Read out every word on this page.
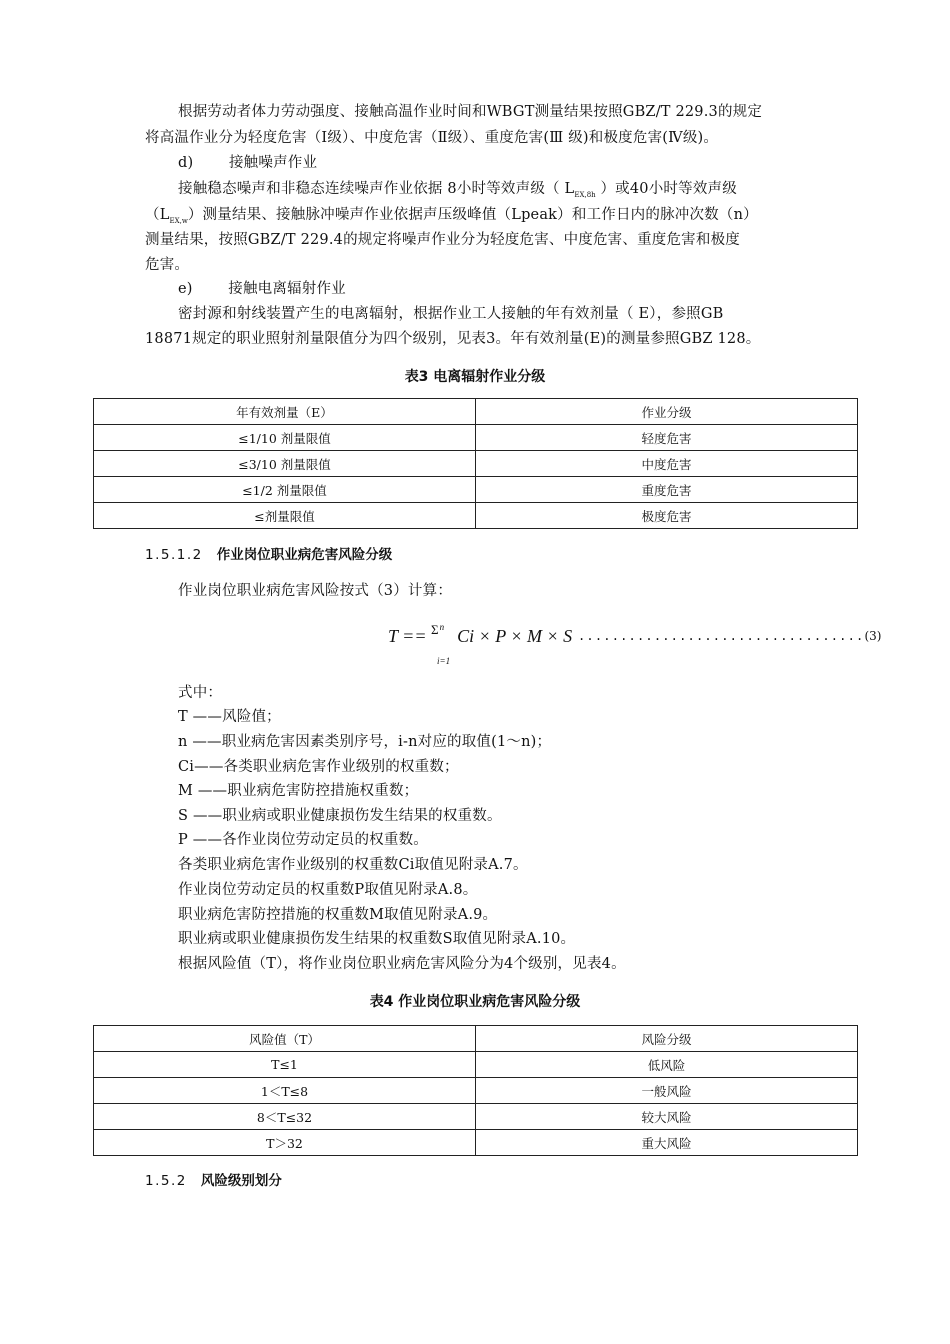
根据劳动者体力劳动强度、接触高温作业时间和WBGT测量结果按照GBZ/T 229.3的规定
将高温作业分为轻度危害（Ⅰ级）、中度危害（Ⅱ级）、重度危害(Ⅲ 级)和极度危害(Ⅳ级)。
d) 接触噪声作业
接触稳态噪声和非稳态连续噪声作业依据 8小时等效声级（ $L_{EX,8h}$ ）或40小时等效声级
$(L_{EX,w})$测量结果、接触脉冲噪声作业依据声压级峰值（Lpeak）和工作日内的脉冲次数（n）
测量结果，按照GBZ/T 229.4的规定将噪声作业分为轻度危害、中度危害、重度危害和极度
危害。
e) 接触电离辐射作业
密封源和射线装置产生的电离辐射，根据作业工人接触的年有效剂量（ E），参照GB
18871规定的职业照射剂量限值分为四个级别，见表3。年有效剂量(E)的测量参照GBZ 128。
表3 电离辐射作业分级
年有效剂量（E）	作业分级
≤1/10 剂量限值	轻度危害
≤3/10 剂量限值	中度危害
≤1/2 剂量限值	重度危害
≤剂量限值	极度危害
1.5.1.2 作业岗位职业病危害风险分级
作业岗位职业病危害风险按式（3）计算：
T == $^{\Sigma n}$ Ci × P × M × S
i=1
..................................(3)
式中：
T ——风险值；
n ——职业病危害因素类别序号，i-n对应的取值(1～n)；
Ci——各类职业病危害作业级别的权重数；
M ——职业病危害防控措施权重数；
S ——职业病或职业健康损伤发生结果的权重数。
P ——各作业岗位劳动定员的权重数。
各类职业病危害作业级别的权重数Ci取值见附录A.7。
作业岗位劳动定员的权重数P取值见附录A.8。
职业病危害防控措施的权重数M取值见附录A.9。
职业病或职业健康损伤发生结果的权重数S取值见附录A.10。
根据风险值（T），将作业岗位职业病危害风险分为4个级别，见表4。
表4 作业岗位职业病危害风险分级
风险值（T）	风险分级
T≤1	低风险
1＜T≤8	一般风险
8＜T≤32	较大风险
T＞32	重大风险
1.5.2 风险级别划分
